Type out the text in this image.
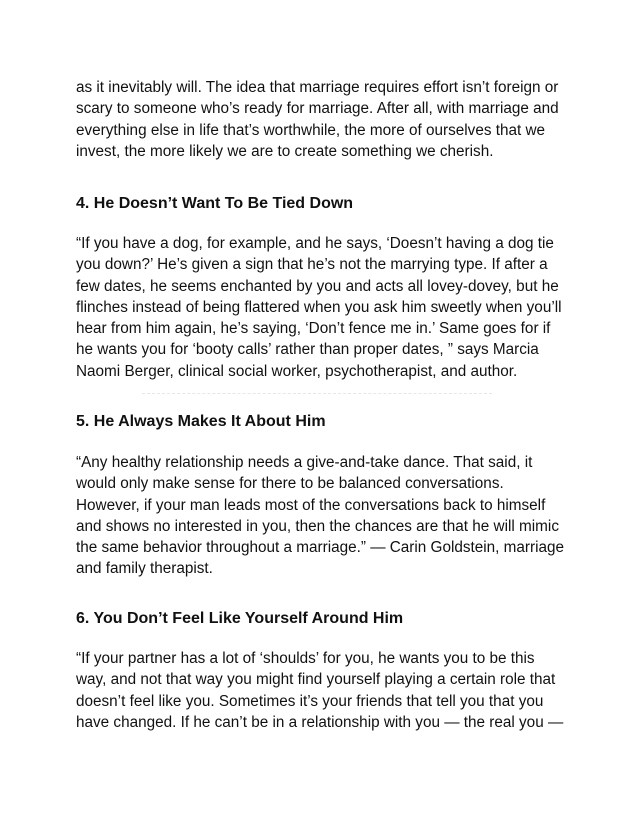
as it inevitably will. The idea that marriage requires effort isn’t foreign or
scary to someone who’s ready for marriage. After all, with marriage and
everything else in life that’s worthwhile, the more of ourselves that we
invest, the more likely we are to create something we cherish.

4. He Doesn’t Want To Be Tied Down

“If you have a dog, for example, and he says, ‘Doesn’t having a dog tie
you down?’ He’s given a sign that he’s not the marrying type. If after a
few dates, he seems enchanted by you and acts all lovey-dovey, but he
flinches instead of being flattered when you ask him sweetly when you’ll
hear from him again, he’s saying, ‘Don’t fence me in.’ Same goes for if
he wants you for ‘booty calls’ rather than proper dates, ” says Marcia
Naomi Berger, clinical social worker, psychotherapist, and author.

5. He Always Makes It About Him

“Any healthy relationship needs a give-and-take dance. That said, it
would only make sense for there to be balanced conversations.
However, if your man leads most of the conversations back to himself
and shows no interested in you, then the chances are that he will mimic
the same behavior throughout a marriage.” — Carin Goldstein, marriage
and family therapist.

6. You Don’t Feel Like Yourself Around Him

“If your partner has a lot of ‘shoulds’ for you, he wants you to be this
way, and not that way you might find yourself playing a certain role that
doesn’t feel like you. Sometimes it’s your friends that tell you that you
have changed. If he can’t be in a relationship with you — the real you —
